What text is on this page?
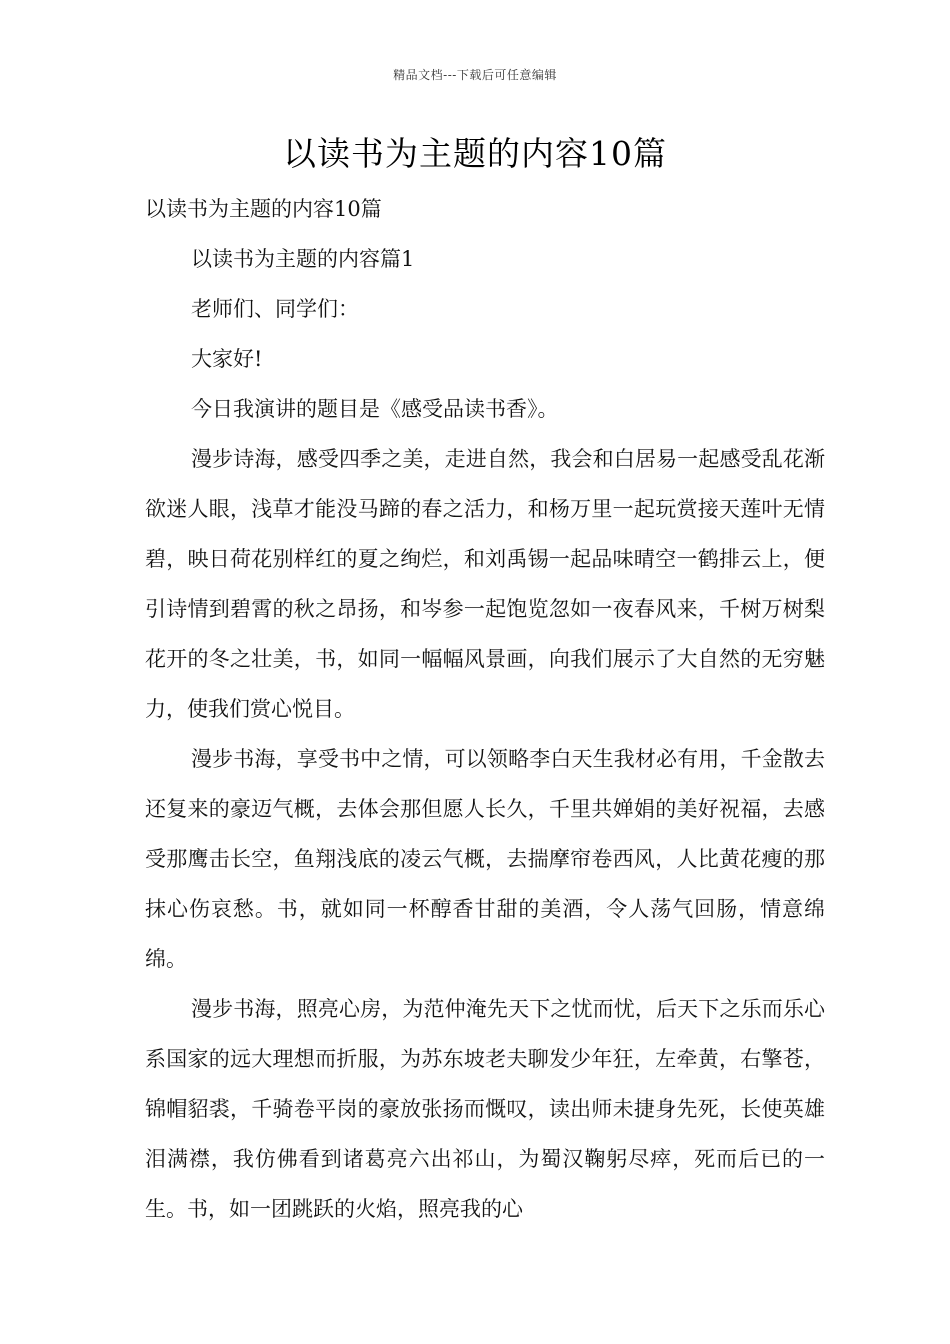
精品文档---下载后可任意编辑
以读书为主题的内容10篇

以读书为主题的内容10篇

以读书为主题的内容篇1

老师们、同学们：

大家好!

今日我演讲的题目是《感受品读书香》。

漫步诗海，感受四季之美，走进自然，我会和白居易一起感受乱花渐欲迷人眼，浅草才能没马蹄的春之活力，和杨万里一起玩赏接天莲叶无情碧，映日荷花别样红的夏之绚烂，和刘禹锡一起品味晴空一鹤排云上，便引诗情到碧霄的秋之昂扬，和岑参一起饱览忽如一夜春风来，千树万树梨花开的冬之壮美，书，如同一幅幅风景画，向我们展示了大自然的无穷魅力，使我们赏心悦目。

漫步书海，享受书中之情，可以领略李白天生我材必有用，千金散去还复来的豪迈气概，去体会那但愿人长久，千里共婵娟的美好祝福，去感受那鹰击长空，鱼翔浅底的凌云气概，去揣摩帘卷西风，人比黄花瘦的那抹心伤哀愁。书，就如同一杯醇香甘甜的美酒，令人荡气回肠，情意绵绵。

漫步书海，照亮心房，为范仲淹先天下之忧而忧，后天下之乐而乐心系国家的远大理想而折服，为苏东坡老夫聊发少年狂，左牵黄，右擎苍，锦帽貂裘，千骑卷平岗的豪放张扬而慨叹，读出师未捷身先死，长使英雄泪满襟，我仿佛看到诸葛亮六出祁山，为蜀汉鞠躬尽瘁，死而后已的一生。书，如一团跳跃的火焰，照亮我的心
